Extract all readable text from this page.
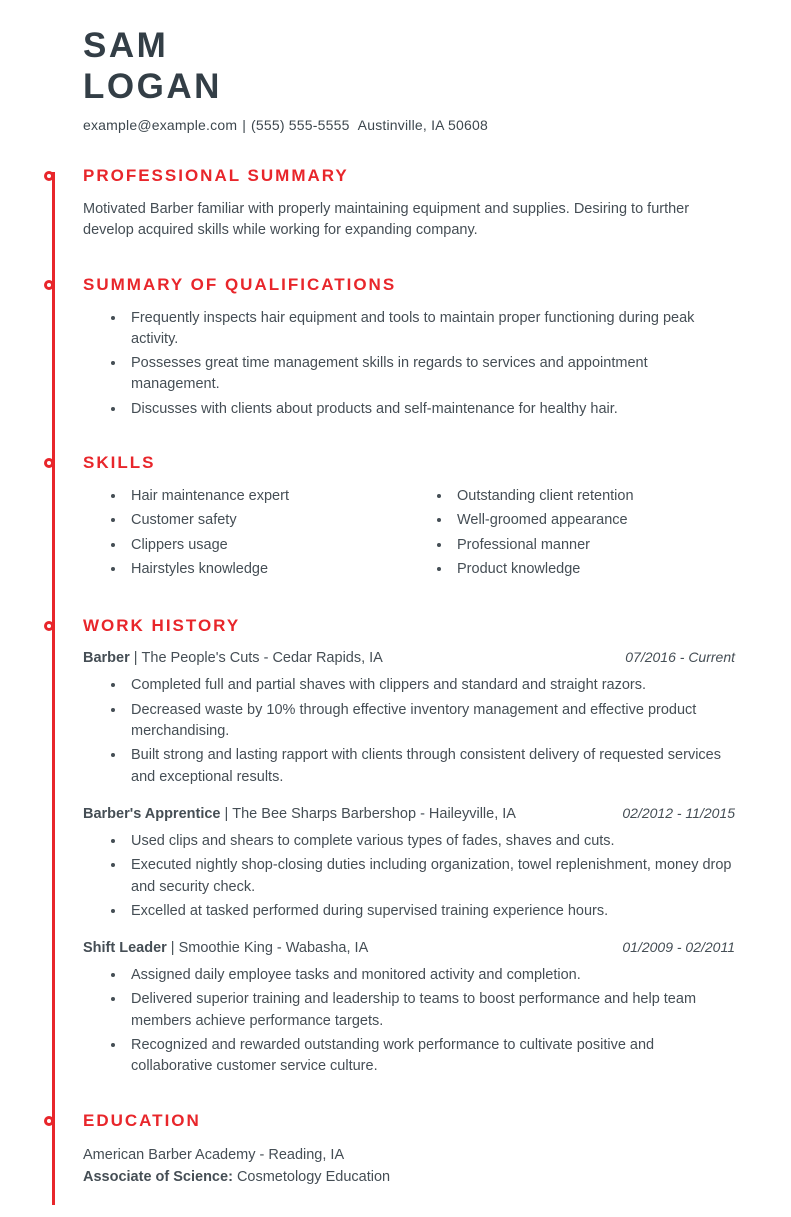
SAM
LOGAN
example@example.com | (555) 555-5555 Austinville, IA 50608
PROFESSIONAL SUMMARY

Motivated Barber familiar with properly maintaining equipment and supplies. Desiring to further develop acquired skills while working for expanding company.

SUMMARY OF QUALIFICATIONS
• Frequently inspects hair equipment and tools to maintain proper functioning during peak activity.
• Possesses great time management skills in regards to services and appointment management.
• Discusses with clients about products and self-maintenance for healthy hair.
SKILLS
• Hair maintenance expert
• Customer safety
• Clippers usage
• Hairstyles knowledge
• Outstanding client retention
• Well-groomed appearance
• Professional manner
• Product knowledge
WORK HISTORY
Barber | The People's Cuts - Cedar Rapids, IA	07/2016 - Current
• Completed full and partial shaves with clippers and standard and straight razors.
• Decreased waste by 10% through effective inventory management and effective product merchandising.
• Built strong and lasting rapport with clients through consistent delivery of requested services and exceptional results.
Barber's Apprentice | The Bee Sharps Barbershop - Haileyville, IA	02/2012 - 11/2015
• Used clips and shears to complete various types of fades, shaves and cuts.
• Executed nightly shop-closing duties including organization, towel replenishment, money drop and security check.
• Excelled at tasked performed during supervised training experience hours.
Shift Leader | Smoothie King - Wabasha, IA	01/2009 - 02/2011
• Assigned daily employee tasks and monitored activity and completion.
• Delivered superior training and leadership to teams to boost performance and help team members achieve performance targets.
• Recognized and rewarded outstanding work performance to cultivate positive and collaborative customer service culture.
EDUCATION
American Barber Academy - Reading, IA
Associate of Science: Cosmetology Education
